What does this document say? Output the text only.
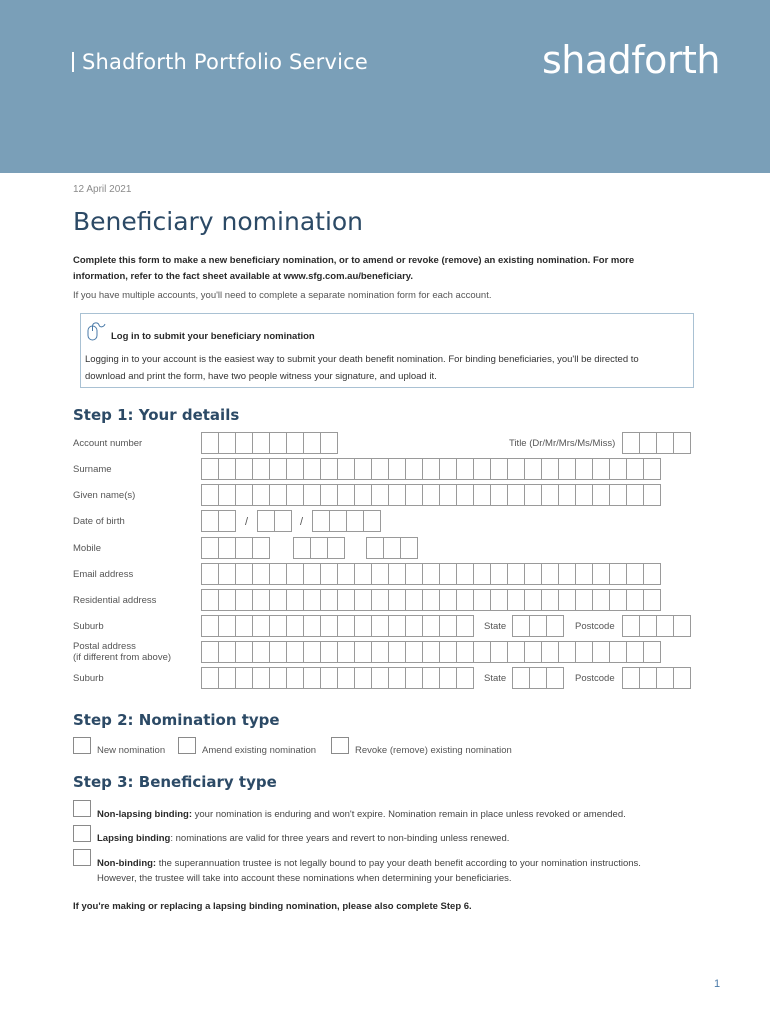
Shadforth Portfolio Service	shadforth
12 April 2021
Beneficiary nomination
Complete this form to make a new beneficiary nomination, or to amend or revoke (remove) an existing nomination. For more information, refer to the fact sheet available at www.sfg.com.au/beneficiary.
If you have multiple accounts, you'll need to complete a separate nomination form for each account.
Log in to submit your beneficiary nomination
Logging in to your account is the easiest way to submit your death benefit nomination. For binding beneficiaries, you'll be directed to download and print the form, have two people witness your signature, and upload it.
Step 1: Your details
Account number	Title (Dr/Mr/Mrs/Ms/Miss)
Surname
Given name(s)
Date of birth	/	/
Mobile
Email address
Residential address
Suburb	State	Postcode
Postal address
(if different from above)
Suburb	State	Postcode
Step 2: Nomination type
New nomination	Amend existing nomination	Revoke (remove) existing nomination
Step 3: Beneficiary type
Non-lapsing binding: your nomination is enduring and won't expire. Nomination remain in place unless revoked or amended.
Lapsing binding: nominations are valid for three years and revert to non-binding unless renewed.
Non-binding: the superannuation trustee is not legally bound to pay your death benefit according to your nomination instructions. However, the trustee will take into account these nominations when determining your beneficiaries.
If you're making or replacing a lapsing binding nomination, please also complete Step 6.
1
